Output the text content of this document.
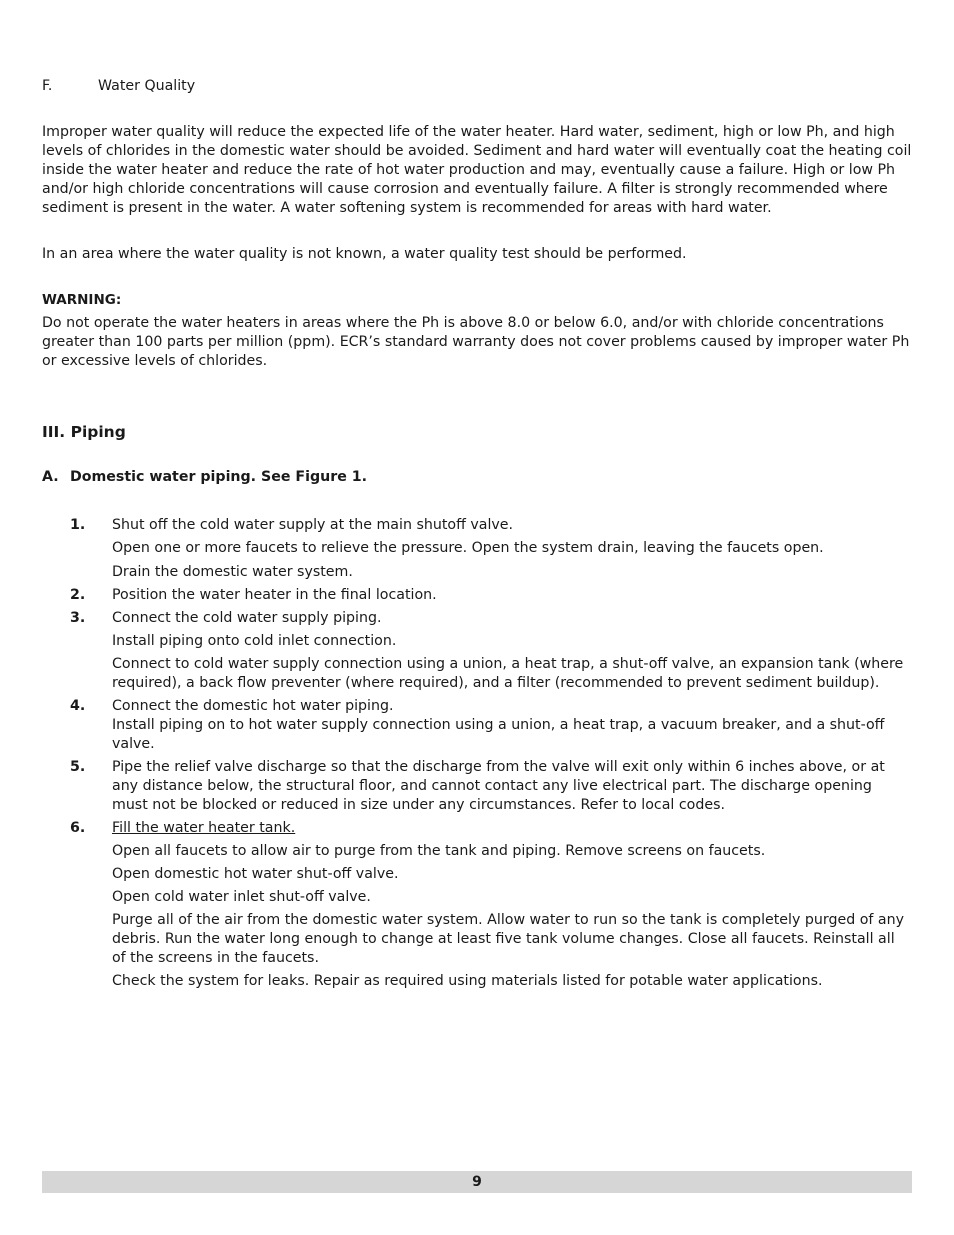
F.	Water Quality

Improper water quality will reduce the expected life of the water heater. Hard water, sediment, high or low Ph, and high levels of chlorides in the domestic water should be avoided. Sediment and hard water will eventually coat the heating coil inside the water heater and reduce the rate of hot water production and may, eventually cause a failure. High or low Ph and/or high chloride concentrations will cause corrosion and eventually failure. A filter is strongly recommended where sediment is present in the water. A water softening system is recommended for areas with hard water.

In an area where the water quality is not known, a water quality test should be performed.

WARNING:

Do not operate the water heaters in areas where the Ph is above 8.0 or below 6.0, and/or with chloride concentrations greater than 100 parts per million (ppm). ECR’s standard warranty does not cover problems caused by improper water Ph or excessive levels of chlorides.

III. Piping
A. Domestic water piping. See Figure 1.
1. Shut off the cold water supply at the main shutoff valve.

Open one or more faucets to relieve the pressure. Open the system drain, leaving the faucets open.

Drain the domestic water system.

2. Position the water heater in the final location.

3. Connect the cold water supply piping.

Install piping onto cold inlet connection.

Connect to cold water supply connection using a union, a heat trap, a shut-off valve, an expansion tank (where required), a back flow preventer (where required), and a filter (recommended to prevent sediment buildup).

4. Connect the domestic hot water piping.

Install piping on to hot water supply connection using a union, a heat trap, a vacuum breaker, and a shut-off valve.

5. Pipe the relief valve discharge so that the discharge from the valve will exit only within 6 inches above, or at any distance below, the structural floor, and cannot contact any live electrical part. The discharge opening must not be blocked or reduced in size under any circumstances. Refer to local codes.

6. Fill the water heater tank.

Open all faucets to allow air to purge from the tank and piping. Remove screens on faucets.

Open domestic hot water shut-off valve.

Open cold water inlet shut-off valve.

Purge all of the air from the domestic water system. Allow water to run so the tank is completely purged of any debris. Run the water long enough to change at least five tank volume changes. Close all faucets. Reinstall all of the screens in the faucets.

Check the system for leaks. Repair as required using materials listed for potable water applications.

9
